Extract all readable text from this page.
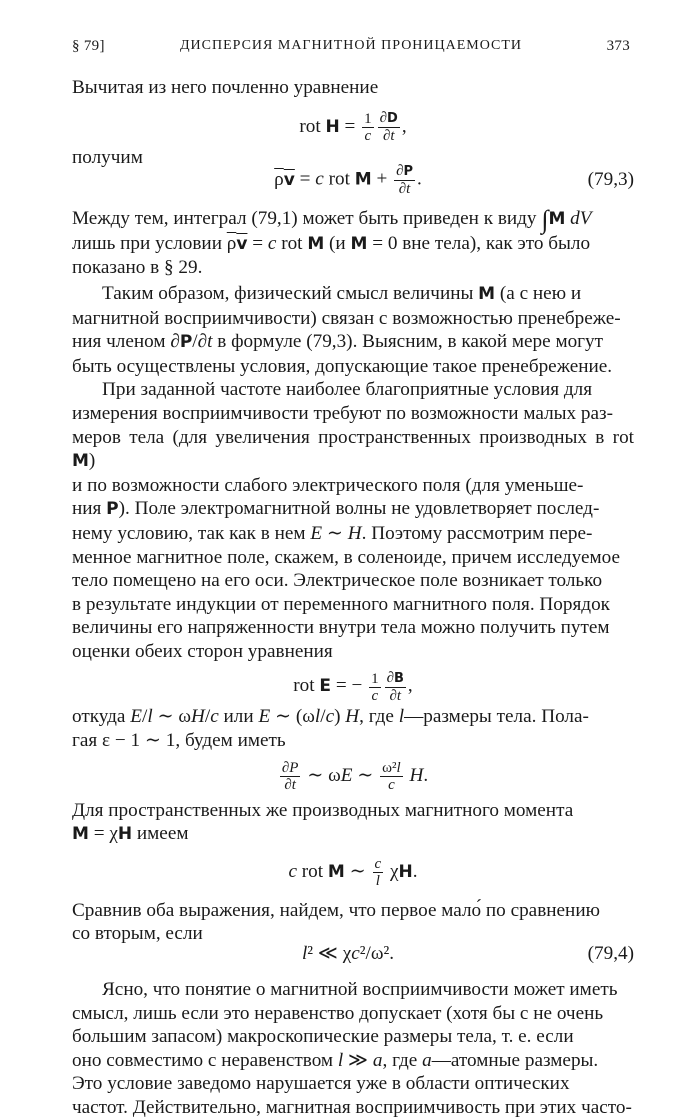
§ 79]	ДИСПЕРСИЯ МАГНИТНОЙ ПРОНИЦАЕМОСТИ	373

Вычитая из него почленно уравнение

rot $H = \frac{1}{c} \frac{\partial D}{\partial t}$ ,

получим

ρv = c rot $M + \frac{\partial P}{\partial t}$ .	(79,3)

Между тем, интеграл (79,1) может быть приведен к виду ∫M dV
лишь при условии ρv = c rot M (и M = 0 вне тела), как это было
показано в § 29.

Таким образом, физический смысл величины M (а с нею и
магнитной восприимчивости) связан с возможностью пренебреже-
ния членом ∂P/∂t в формуле (79,3). Выясним, в какой мере могут
быть осуществлены условия, допускающие такое пренебрежение.

При заданной частоте наиболее благоприятные условия для
измерения восприимчивости требуют по возможности малых раз-
меров тела (для увеличения пространственных производных в rot M)
и по возможности слабого электрического поля (для уменьше-
ния P). Поле электромагнитной волны не удовлетворяет послед-
нему условию, так как в нем E ∼ H. Поэтому рассмотрим пере-
менное магнитное поле, скажем, в соленоиде, причем исследуемое
тело помещено на его оси. Электрическое поле возникает только
в результате индукции от переменного магнитного поля. Порядок
величины его напряженности внутри тела можно получить путем
оценки обеих сторон уравнения

rot E = − $\frac{1}{c} \frac{\partial B}{\partial t}$ ,

откуда E/l ∼ ωH/c или E ∼ (ωl/c) H, где l—размеры тела. Пола-
гая ε − 1 ∼ 1, будем иметь

$\frac{\partial P}{\partial t}$ ∼ ωE ∼ $\frac{\text{ω²l}}{c} H$.

Для пространственных же производных магнитного момента
M = χH имеем

c rot M ∼ $\frac{c}{l} \chi H$.

Сравнив оба выражения, найдем, что первое мало́ по сравнению
со вторым, если

l² ≪ χc²/ω².	(79,4)

Ясно, что понятие о магнитной восприимчивости может иметь
смысл, лишь если это неравенство допускает (хотя бы с не очень
большим запасом) макроскопические размеры тела, т. е. если
оно совместимо с неравенством l ≫ a, где a—атомные размеры.
Это условие заведомо нарушается уже в области оптических
частот. Действительно, магнитная восприимчивость при этих часто-
